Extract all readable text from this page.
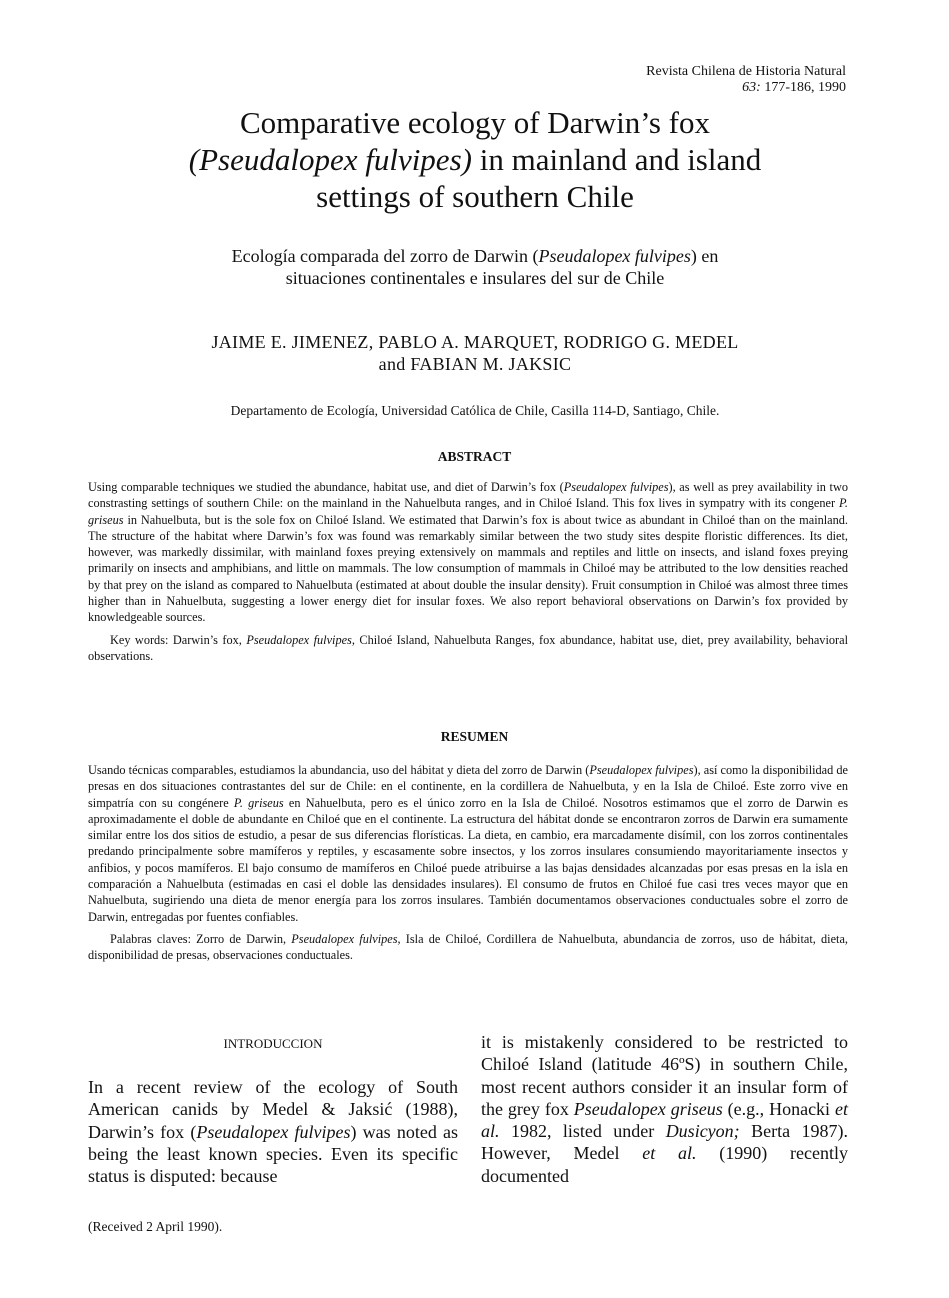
Revista Chilena de Historia Natural
63: 177-186, 1990
Comparative ecology of Darwin’s fox
(Pseudalopex fulvipes) in mainland and island
settings of southern Chile
Ecología comparada del zorro de Darwin (Pseudalopex fulvipes) en
situaciones continentales e insulares del sur de Chile
JAIME E. JIMENEZ, PABLO A. MARQUET, RODRIGO G. MEDEL
and FABIAN M. JAKSIC
Departamento de Ecología, Universidad Católica de Chile, Casilla 114-D, Santiago, Chile.
ABSTRACT

Using comparable techniques we studied the abundance, habitat use, and diet of Darwin’s fox (Pseudalopex fulvipes), as well as prey availability in two constrasting settings of southern Chile: on the mainland in the Nahuelbuta ranges, and in Chiloé Island. This fox lives in sympatry with its congener P. griseus in Nahuelbuta, but is the sole fox on Chiloé Island. We estimated that Darwin’s fox is about twice as abundant in Chiloé than on the mainland. The structure of the habitat where Darwin’s fox was found was remarkably similar between the two study sites despite floristic differences. Its diet, however, was markedly dissimilar, with mainland foxes preying extensively on mammals and reptiles and little on insects, and island foxes preying primarily on insects and amphibians, and little on mammals. The low consumption of mammals in Chiloé may be attributed to the low densities reached by that prey on the island as compared to Nahuelbuta (estimated at about double the insular density). Fruit consumption in Chiloé was almost three times higher than in Nahuelbuta, suggesting a lower energy diet for insular foxes. We also report behavioral observations on Darwin’s fox provided by knowledgeable sources.

Key words: Darwin’s fox, Pseudalopex fulvipes, Chiloé Island, Nahuelbuta Ranges, fox abundance, habitat use, diet, prey availability, behavioral observations.

RESUMEN

Usando técnicas comparables, estudiamos la abundancia, uso del hábitat y dieta del zorro de Darwin (Pseudalopex fulvipes), así como la disponibilidad de presas en dos situaciones contrastantes del sur de Chile: en el continente, en la cordillera de Nahuelbuta, y en la Isla de Chiloé. Este zorro vive en simpatría con su congénere P. griseus en Nahuelbuta, pero es el único zorro en la Isla de Chiloé. Nosotros estimamos que el zorro de Darwin es aproximadamente el doble de abundante en Chiloé que en el continente. La estructura del hábitat donde se encontraron zorros de Darwin era sumamente similar entre los dos sitios de estudio, a pesar de sus diferencias florísticas. La dieta, en cambio, era marcadamente disímil, con los zorros continentales predando principalmente sobre mamíferos y reptiles, y escasamente sobre insectos, y los zorros insulares consumiendo mayoritariamente insectos y anfibios, y pocos mamíferos. El bajo consumo de mamíferos en Chiloé puede atribuirse a las bajas densidades alcanzadas por esas presas en la isla en comparación a Nahuelbuta (estimadas en casi el doble las densidades insulares). El consumo de frutos en Chiloé fue casi tres veces mayor que en Nahuelbuta, sugiriendo una dieta de menor energía para los zorros insulares. También documentamos observaciones conductuales sobre el zorro de Darwin, entregadas por fuentes confiables.

Palabras claves: Zorro de Darwin, Pseudalopex fulvipes, Isla de Chiloé, Cordillera de Nahuelbuta, abundancia de zorros, uso de hábitat, dieta, disponibilidad de presas, observaciones conductuales.

INTRODUCCION
In a recent review of the ecology of South American canids by Medel & Jaksić (1988), Darwin’s fox (Pseudalopex fulvipes) was noted as being the least known species. Even its specific status is disputed: because
it is mistakenly considered to be restricted to Chiloé Island (latitude 46ºS) in southern Chile, most recent authors consider it an insular form of the grey fox Pseudalopex griseus (e.g., Honacki et al. 1982, listed under Dusicyon; Berta 1987). However, Medel et al. (1990) recently documented
(Received 2 April 1990).
